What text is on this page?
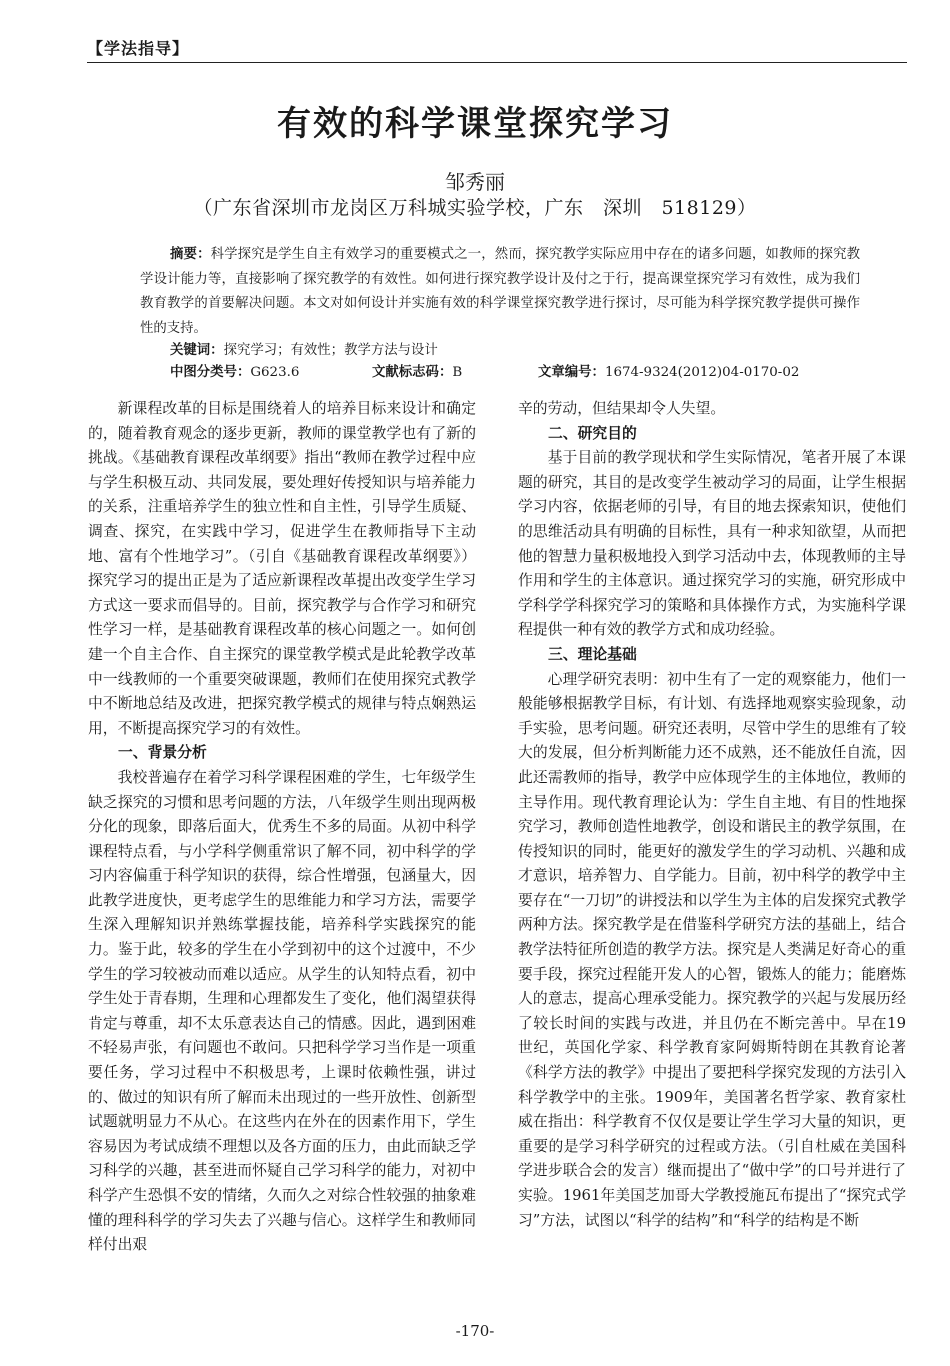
【学法指导】
有效的科学课堂探究学习
邹秀丽
（广东省深圳市龙岗区万科城实验学校，广东　深圳　518129）
摘要：科学探究是学生自主有效学习的重要模式之一，然而，探究教学实际应用中存在的诸多问题，如教师的探究教学设计能力等，直接影响了探究教学的有效性。如何进行探究教学设计及付之于行，提高课堂探究学习有效性，成为我们教育教学的首要解决问题。本文对如何设计并实施有效的科学课堂探究教学进行探讨，尽可能为科学探究教学提供可操作性的支持。
关键词：探究学习；有效性；教学方法与设计
中图分类号：G623.6	文献标志码：B	文章编号：1674-9324(2012)04-0170-02

新课程改革的目标是围绕着人的培养目标来设计和确定的，随着教育观念的逐步更新，教师的课堂教学也有了新的挑战。《基础教育课程改革纲要》指出“教师在教学过程中应与学生积极互动、共同发展，要处理好传授知识与培养能力的关系，注重培养学生的独立性和自主性，引导学生质疑、调查、探究，在实践中学习，促进学生在教师指导下主动地、富有个性地学习”。（引自《基础教育课程改革纲要》）探究学习的提出正是为了适应新课程改革提出改变学生学习方式这一要求而倡导的。目前，探究教学与合作学习和研究性学习一样，是基础教育课程改革的核心问题之一。如何创建一个自主合作、自主探究的课堂教学模式是此轮教学改革中一线教师的一个重要突破课题，教师们在使用探究式教学中不断地总结及改进，把探究教学模式的规律与特点娴熟运用，不断提高探究学习的有效性。

一、背景分析

我校普遍存在着学习科学课程困难的学生，七年级学生缺乏探究的习惯和思考问题的方法，八年级学生则出现两极分化的现象，即落后面大，优秀生不多的局面。从初中科学课程特点看，与小学科学侧重常识了解不同，初中科学的学习内容偏重于科学知识的获得，综合性增强，包涵量大，因此教学进度快，更考虑学生的思维能力和学习方法，需要学生深入理解知识并熟练掌握技能，培养科学实践探究的能力。鉴于此，较多的学生在小学到初中的这个过渡中，不少学生的学习较被动而难以适应。从学生的认知特点看，初中学生处于青春期，生理和心理都发生了变化，他们渴望获得肯定与尊重，却不太乐意表达自己的情感。因此，遇到困难不轻易声张，有问题也不敢问。只把科学学习当作是一项重要任务，学习过程中不积极思考，上课时依赖性强，讲过的、做过的知识有所了解而未出现过的一些开放性、创新型试题就明显力不从心。在这些内在外在的因素作用下，学生容易因为考试成绩不理想以及各方面的压力，由此而缺乏学习科学的兴趣，甚至进而怀疑自己学习科学的能力，对初中科学产生恐惧不安的情绪，久而久之对综合性较强的抽象难懂的理科科学的学习失去了兴趣与信心。这样学生和教师同样付出艰

辛的劳动，但结果却令人失望。

二、研究目的

基于目前的教学现状和学生实际情况，笔者开展了本课题的研究，其目的是改变学生被动学习的局面，让学生根据学习内容，依据老师的引导，有目的地去探索知识，使他们的思维活动具有明确的目标性，具有一种求知欲望，从而把他的智慧力量积极地投入到学习活动中去，体现教师的主导作用和学生的主体意识。通过探究学习的实施，研究形成中学科学学科探究学习的策略和具体操作方式，为实施科学课程提供一种有效的教学方式和成功经验。

三、理论基础

心理学研究表明：初中生有了一定的观察能力，他们一般能够根据教学目标，有计划、有选择地观察实验现象，动手实验，思考问题。研究还表明，尽管中学生的思维有了较大的发展，但分析判断能力还不成熟，还不能放任自流，因此还需教师的指导，教学中应体现学生的主体地位，教师的主导作用。现代教育理论认为：学生自主地、有目的性地探究学习，教师创造性地教学，创设和谐民主的教学氛围，在传授知识的同时，能更好的激发学生的学习动机、兴趣和成才意识，培养智力、自学能力。目前，初中科学的教学中主要存在“一刀切”的讲授法和以学生为主体的启发探究式教学两种方法。探究教学是在借鉴科学研究方法的基础上，结合教学法特征所创造的教学方法。探究是人类满足好奇心的重要手段，探究过程能开发人的心智，锻炼人的能力；能磨炼人的意志，提高心理承受能力。探究教学的兴起与发展历经了较长时间的实践与改进，并且仍在不断完善中。早在19世纪，英国化学家、科学教育家阿姆斯特朗在其教育论著《科学方法的教学》中提出了要把科学探究发现的方法引入科学教学中的主张。1909年，美国著名哲学家、教育家杜威在指出：科学教育不仅仅是要让学生学习大量的知识，更重要的是学习科学研究的过程或方法。（引自杜威在美国科学进步联合会的发言）继而提出了“做中学”的口号并进行了实验。1961年美国芝加哥大学教授施瓦布提出了“探究式学习”方法，试图以“科学的结构”和“科学的结构是不断

-170-
